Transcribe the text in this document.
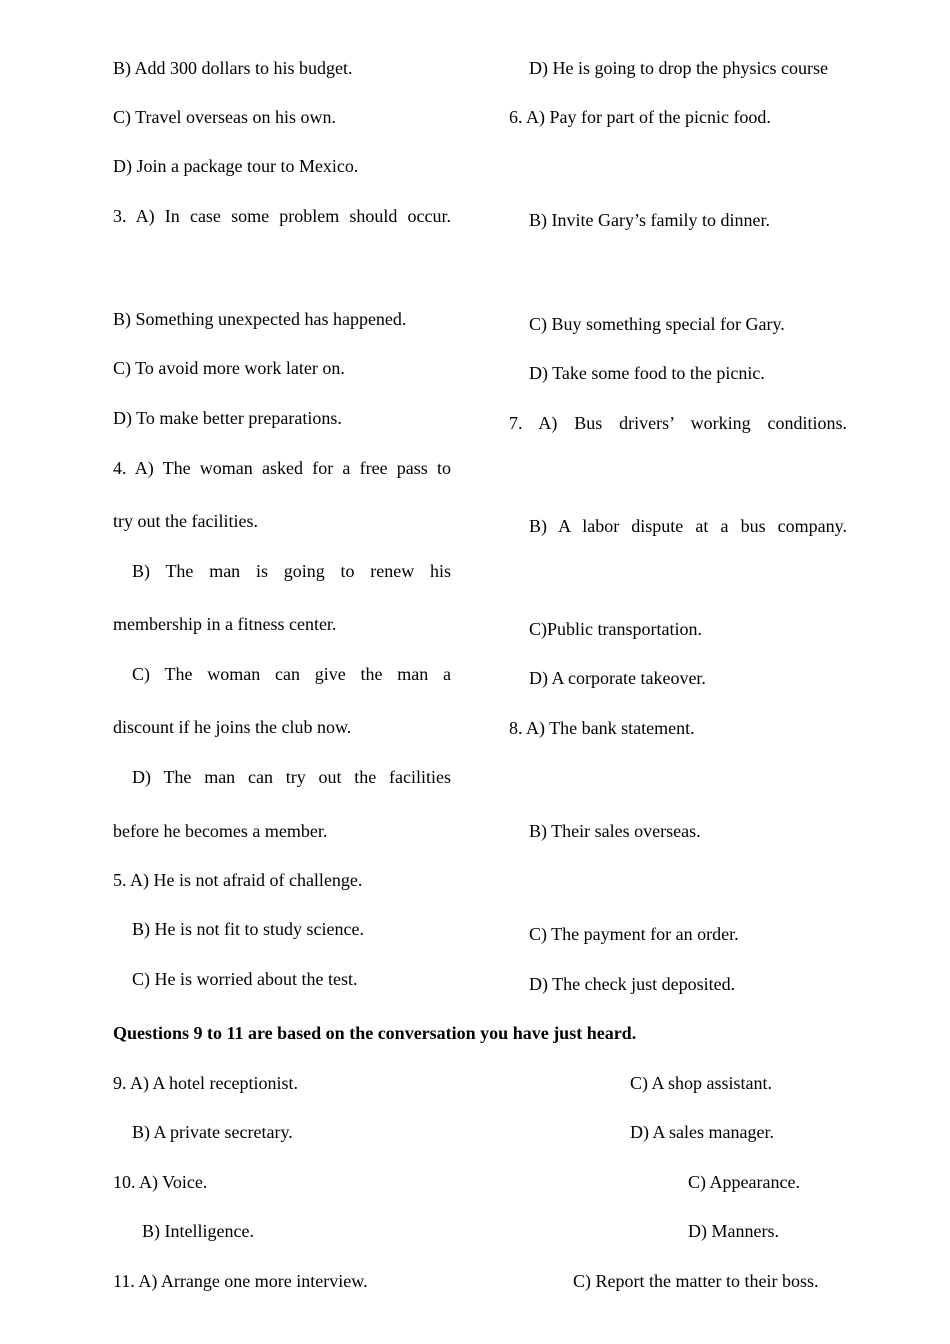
B) Add 300 dollars to his budget.
C) Travel overseas on his own.
D) Join a package tour to Mexico.
3. A) In case some problem should occur.
B) Something unexpected has happened.
C) To avoid more work later on.
D) To make better preparations.
4. A) The woman asked for a free pass to
try out the facilities.
B) The man is going to renew his
membership in a fitness center.
C) The woman can give the man a
discount if he joins the club now.
D) The man can try out the facilities
before he becomes a member.
5. A) He is not afraid of challenge.
B) He is not fit to study science.
C) He is worried about the test.
D) He is going to drop the physics course
6. A) Pay for part of the picnic food.
B) Invite Gary’s family to dinner.
C) Buy something special for Gary.
D) Take some food to the picnic.
7. A) Bus drivers’ working conditions.
B) A labor dispute at a bus company.
C)Public transportation.
D) A corporate takeover.
8. A) The bank statement.
B) Their sales overseas.
C) The payment for an order.
D) The check just deposited.
Questions 9 to 11 are based on the conversation you have just heard.
9. A) A hotel receptionist.	C) A shop assistant.
B) A private secretary.	D) A sales manager.
10. A) Voice.	C) Appearance.
B) Intelligence.	D) Manners.
11. A) Arrange one more interview.	C) Report the matter to their boss.
